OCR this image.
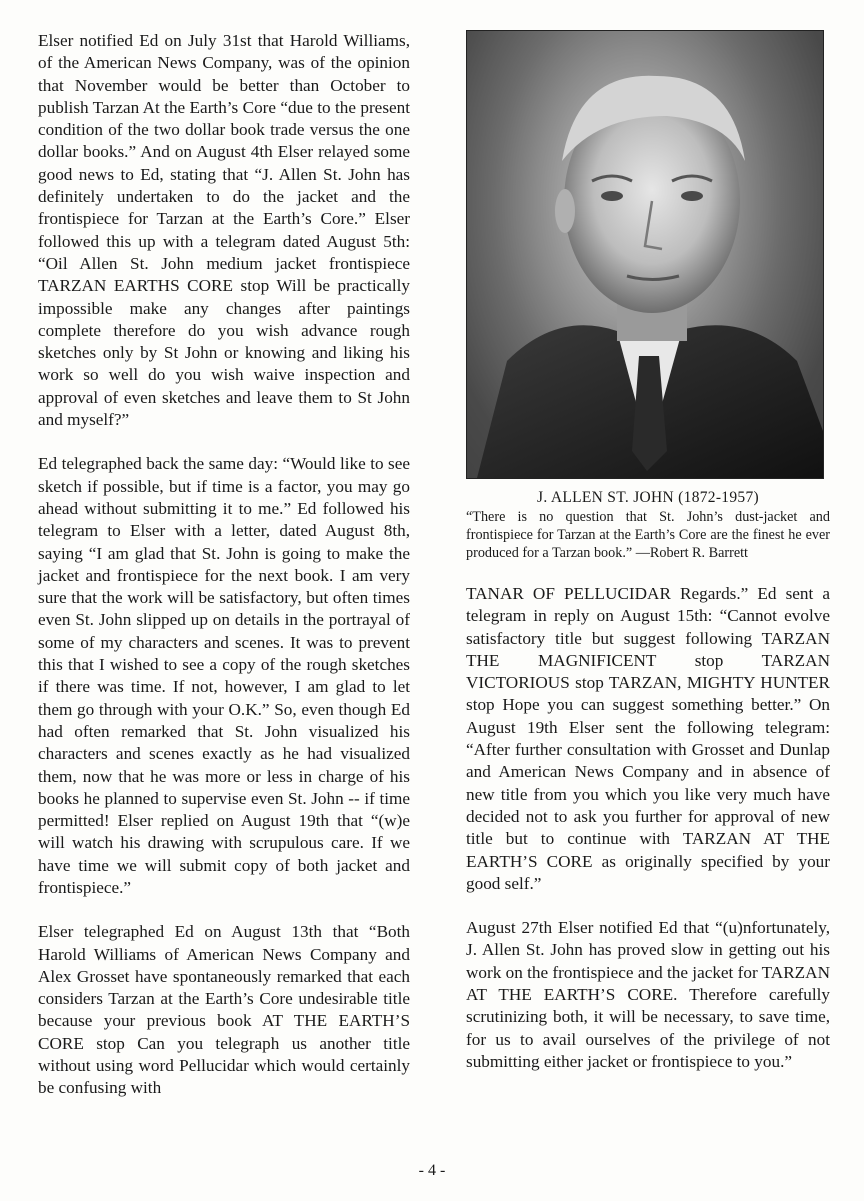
Elser notified Ed on July 31st that Harold Williams, of the American News Company, was of the opinion that November would be better than October to publish Tarzan At the Earth’s Core “due to the present condition of the two dollar book trade versus the one dollar books.” And on August 4th Elser relayed some good news to Ed, stating that “J. Allen St. John has definitely undertaken to do the jacket and the frontispiece for Tarzan at the Earth’s Core.” Elser followed this up with a telegram dated August 5th: “Oil Allen St. John medium jacket frontispiece TARZAN EARTHS CORE stop Will be practically impossible make any changes after paintings complete therefore do you wish advance rough sketches only by St John or knowing and liking his work so well do you wish waive inspection and approval of even sketches and leave them to St John and myself?”

Ed telegraphed back the same day: “Would like to see sketch if possible, but if time is a factor, you may go ahead without submitting it to me.” Ed followed his telegram to Elser with a letter, dated August 8th, saying “I am glad that St. John is going to make the jacket and frontispiece for the next book. I am very sure that the work will be satisfactory, but often times even St. John slipped up on details in the portrayal of some of my characters and scenes. It was to prevent this that I wished to see a copy of the rough sketches if there was time. If not, however, I am glad to let them go through with your O.K.” So, even though Ed had often remarked that St. John visualized his characters and scenes exactly as he had visualized them, now that he was more or less in charge of his books he planned to supervise even St. John -- if time permitted! Elser replied on August 19th that “(w)e will watch his drawing with scrupulous care. If we have time we will submit copy of both jacket and frontispiece.”

Elser telegraphed Ed on August 13th that “Both Harold Williams of American News Company and Alex Grosset have spontaneously remarked that each considers Tarzan at the Earth’s Core undesirable title because your previous book AT THE EARTH’S CORE stop Can you telegraph us another title without using word Pellucidar which would certainly be confusing with

J. ALLEN ST. JOHN (1872-1957)

“There is no question that St. John’s dust-jacket and frontispiece for Tarzan at the Earth’s Core are the finest he ever produced for a Tarzan book.” —Robert R. Barrett

TANAR OF PELLUCIDAR Regards.” Ed sent a telegram in reply on August 15th: “Cannot evolve satisfactory title but suggest following TARZAN THE MAGNIFICENT stop TARZAN VICTORIOUS stop TARZAN, MIGHTY HUNTER stop Hope you can suggest something better.” On August 19th Elser sent the following telegram: “After further consultation with Grosset and Dunlap and American News Company and in absence of new title from you which you like very much have decided not to ask you further for approval of new title but to continue with TARZAN AT THE EARTH’S CORE as originally specified by your good self.”

August 27th Elser notified Ed that “(u)nfortunately, J. Allen St. John has proved slow in getting out his work on the frontispiece and the jacket for TARZAN AT THE EARTH’S CORE. Therefore carefully scrutinizing both, it will be necessary, to save time, for us to avail ourselves of the privilege of not submitting either jacket or frontispiece to you.”

- 4 -
